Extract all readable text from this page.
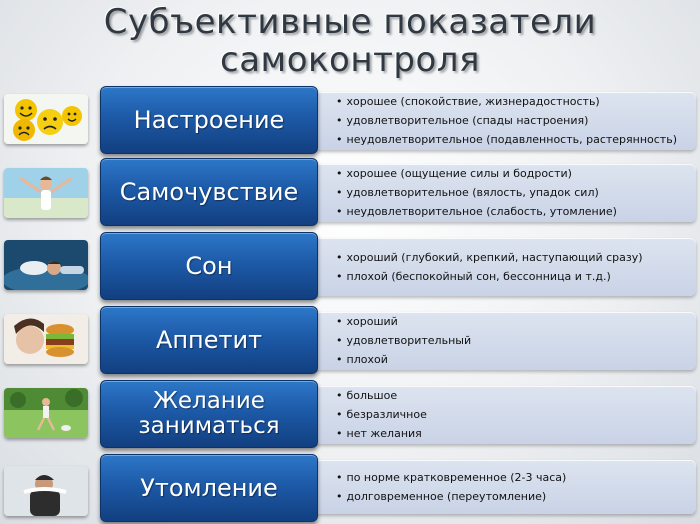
Субъективные показатели
самоконтроля
• хорошее (спокойствие, жизнерадостность)
• удовлетворительное (спады настроения)
• неудовлетворительное (подавленность, растерянность)
Настроение
• хорошее (ощущение силы и бодрости)
• удовлетворительное (вялость, упадок сил)
• неудовлетворительное (слабость, утомление)
Самочувствие
• хороший (глубокий, крепкий, наступающий сразу)
• плохой (беспокойный сон, бессонница и т.д.)
Сон
• хороший
• удовлетворительный
• плохой
Аппетит
• большое
• безразличное
• нет желания
Желание
заниматься
• по норме кратковременное (2-3 часа)
• долговременное (переутомление)
Утомление
